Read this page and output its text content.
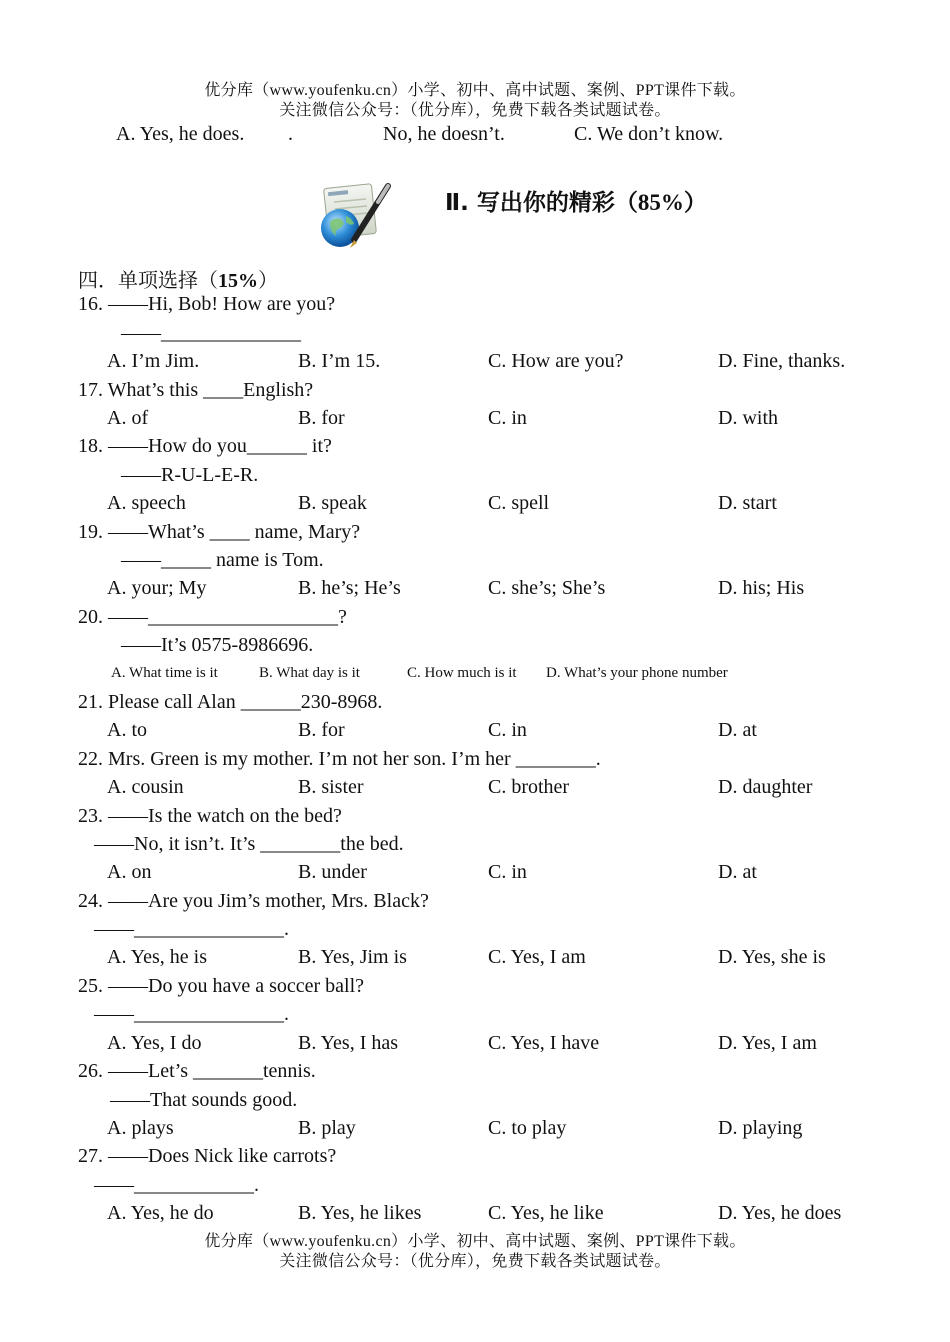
优分库（www.youfenku.cn）小学、初中、高中试题、案例、PPT课件下载。
关注微信公众号：（优分库），免费下载各类试题试卷。
A. Yes, he does. .	No, he doesn’t.	C. We don’t know.
Ⅱ. 写出你的精彩（85%）
四．单项选择（15%）
16. ——Hi, Bob! How are you?
——______________
A. I’m Jim.	B. I’m 15.	C. How are you?	D. Fine, thanks.
17. What’s this ____English?
A. of	B. for	C. in	D. with
18. ——How do you______ it?
——R-U-L-E-R.
A. speech	B. speak	C. spell	D. start
19. ——What’s ____ name, Mary?
——_____ name is Tom.
A. your; My	B. he’s; He’s	C. she’s; She’s	D. his; His
20. ——___________________?
——It’s 0575-8986696.
A. What time is it	B. What day is it	C. How much is it D. What’s your phone number
21. Please call Alan ______230-8968.
A. to	B. for	C. in	D. at
22. Mrs. Green is my mother. I’m not her son. I’m her ________.
A. cousin	B. sister	C. brother	D. daughter
23. ——Is the watch on the bed?
——No, it isn’t. It’s ________the bed.
A. on	B. under	C. in	D. at
24. ——Are you Jim’s mother, Mrs. Black?
——_______________.
A. Yes, he is	B. Yes, Jim is	C. Yes, I am	D. Yes, she is
25. ——Do you have a soccer ball?
——_______________.
A. Yes, I do	B. Yes, I has	C. Yes, I have	D. Yes, I am
26. ——Let’s _______tennis.
——That sounds good.
A. plays	B. play	C. to play	D. playing
27. ——Does Nick like carrots?
——____________.
A. Yes, he do	B. Yes, he likes	C. Yes, he like	D. Yes, he does
优分库（www.youfenku.cn）小学、初中、高中试题、案例、PPT课件下载。
关注微信公众号：（优分库），免费下载各类试题试卷。
